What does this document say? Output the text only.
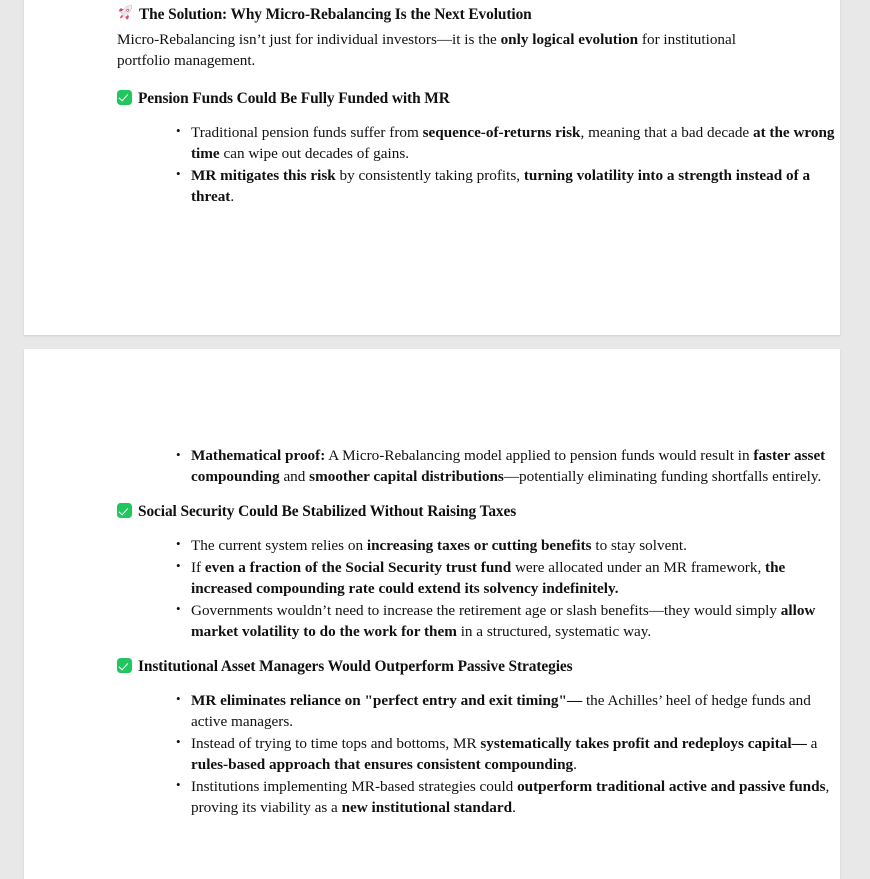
The Solution: Why Micro-Rebalancing Is the Next Evolution

Micro-Rebalancing isn’t just for individual investors—it is the only logical evolution for institutional portfolio management.

Pension Funds Could Be Fully Funded with MR
• Traditional pension funds suffer from sequence-of-returns risk, meaning that a bad decade at the wrong time can wipe out decades of gains.
• MR mitigates this risk by consistently taking profits, turning volatility into a strength instead of a threat.
• Mathematical proof: A Micro-Rebalancing model applied to pension funds would result in faster asset compounding and smoother capital distributions—potentially eliminating funding shortfalls entirely.
Social Security Could Be Stabilized Without Raising Taxes
• The current system relies on increasing taxes or cutting benefits to stay solvent.
• If even a fraction of the Social Security trust fund were allocated under an MR framework, the increased compounding rate could extend its solvency indefinitely.
• Governments wouldn’t need to increase the retirement age or slash benefits—they would simply allow market volatility to do the work for them in a structured, systematic way.
Institutional Asset Managers Would Outperform Passive Strategies
• MR eliminates reliance on "perfect entry and exit timing"— the Achilles’ heel of hedge funds and active managers.
• Instead of trying to time tops and bottoms, MR systematically takes profit and redeploys capital— a rules-based approach that ensures consistent compounding.
• Institutions implementing MR-based strategies could outperform traditional active and passive funds, proving its viability as a new institutional standard.
